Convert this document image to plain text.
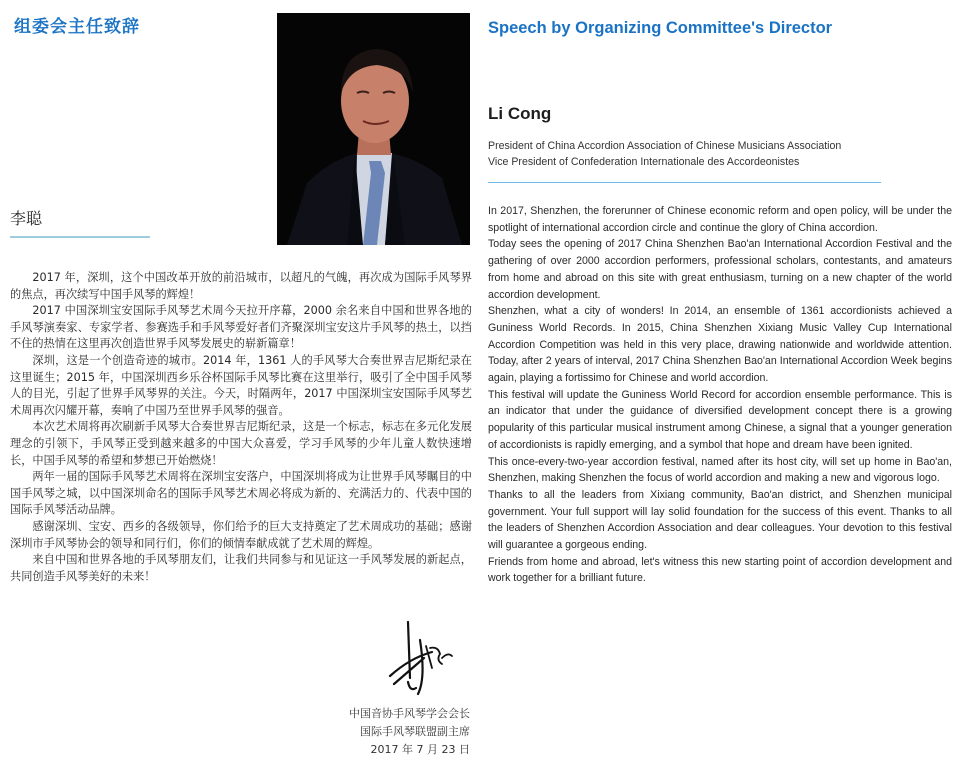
组委会主任致辞
李聪

2017 年，深圳，这个中国改革开放的前沿城市，以超凡的气魄，再次成为国际手风琴界的焦点，再次续写中国手风琴的辉煌！

2017 中国深圳宝安国际手风琴艺术周今天拉开序幕，2000 余名来自中国和世界各地的手风琴演奏家、专家学者、参赛选手和手风琴爱好者们齐聚深圳宝安这片手风琴的热土，以挡不住的热情在这里再次创造世界手风琴发展史的崭新篇章！

深圳，这是一个创造奇迹的城市。2014 年，1361 人的手风琴大合奏世界吉尼斯纪录在这里诞生；2015 年，中国深圳西乡乐谷杯国际手风琴比赛在这里举行，吸引了全中国手风琴人的目光，引起了世界手风琴界的关注。今天，时隔两年，2017 中国深圳宝安国际手风琴艺术周再次闪耀开幕，奏响了中国乃至世界手风琴的强音。

本次艺术周将再次刷新手风琴大合奏世界吉尼斯纪录，这是一个标志，标志在多元化发展理念的引领下，手风琴正受到越来越多的中国大众喜爱，学习手风琴的少年儿童人数快速增长，中国手风琴的希望和梦想已开始燃烧！

两年一届的国际手风琴艺术周将在深圳宝安落户，中国深圳将成为让世界手风琴瞩目的中国手风琴之城，以中国深圳命名的国际手风琴艺术周必将成为新的、充满活力的、代表中国的国际手风琴活动品牌。

感谢深圳、宝安、西乡的各级领导，你们给予的巨大支持奠定了艺术周成功的基础；感谢深圳市手风琴协会的领导和同行们，你们的倾情奉献成就了艺术周的辉煌。

来自中国和世界各地的手风琴朋友们，让我们共同参与和见证这一手风琴发展的新起点，共同创造手风琴美好的未来！

中国音协手风琴学会会长
国际手风琴联盟副主席
2017 年 7 月 23 日
Speech by Organizing Committee's Director
Li Cong
President of China Accordion Association of Chinese Musicians Association
Vice President of Confederation Internationale des Accordeonistes

In 2017, Shenzhen, the forerunner of Chinese economic reform and open policy, will be under the spotlight of international accordion circle and continue the glory of China accordion.

Today sees the opening of 2017 China Shenzhen Bao'an International Accordion Festival and the gathering of over 2000 accordion performers, professional scholars, contestants, and amateurs from home and abroad on this site with great enthusiasm, turning on a new chapter of the world accordion development.

Shenzhen, what a city of wonders! In 2014, an ensemble of 1361 accordionists achieved a Guniness World Records. In 2015, China Shenzhen Xixiang Music Valley Cup International Accordion Competition was held in this very place, drawing nationwide and worldwide attention. Today, after 2 years of interval, 2017 China Shenzhen Bao'an International Accordion Week begins again, playing a fortissimo for Chinese and world accordion.

This festival will update the Guniness World Record for accordion ensemble performance. This is an indicator that under the guidance of diversified development concept there is a growing popularity of this particular musical instrument among Chinese, a signal that a younger generation of accordionists is rapidly emerging, and a symbol that hope and dream have been ignited.

This once-every-two-year accordion festival, named after its host city, will set up home in Bao'an, Shenzhen, making Shenzhen the focus of world accordion and making a new and vigorous logo.

Thanks to all the leaders from Xixiang community, Bao'an district, and Shenzhen municipal government. Your full support will lay solid foundation for the success of this event. Thanks to all the leaders of Shenzhen Accordion Association and dear colleagues. Your devotion to this festival will guarantee a gorgeous ending.

Friends from home and abroad, let's witness this new starting point of accordion development and work together for a brilliant future.
